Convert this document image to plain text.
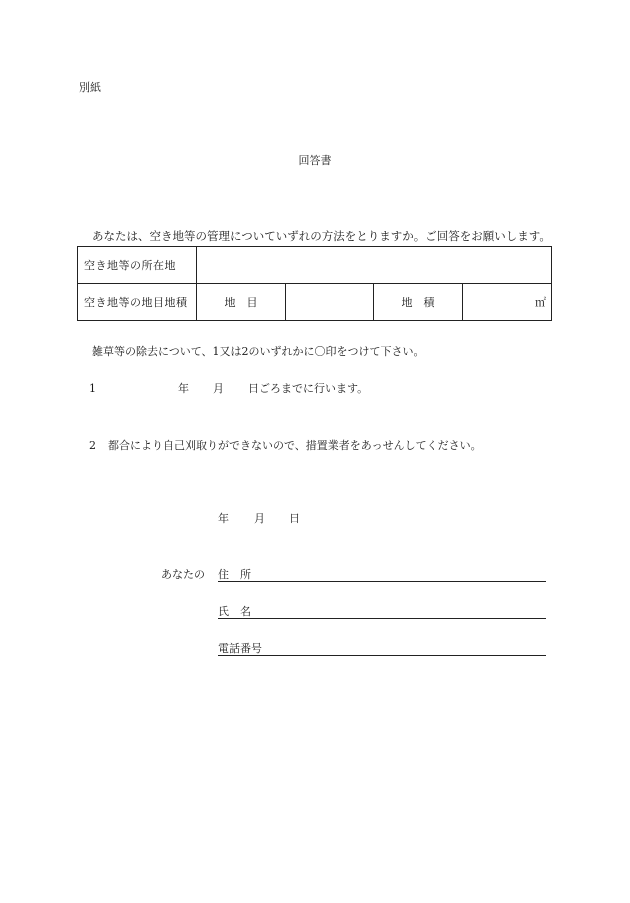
別紙
回答書
あなたは、空き地等の管理についていずれの方法をとりますか。ご回答をお願いします。
空き地等の所在地				
空き地等の地目地積	地　目		地　積	㎡
雑草等の除去について、1又は2のいずれかに〇印をつけて下さい。
1	年 月 日ごろまでに行います。
2 都合により自己刈取りができないので、措置業者をあっせんしてください。
年 月 日
あなたの 住　所
氏　名
電話番号
